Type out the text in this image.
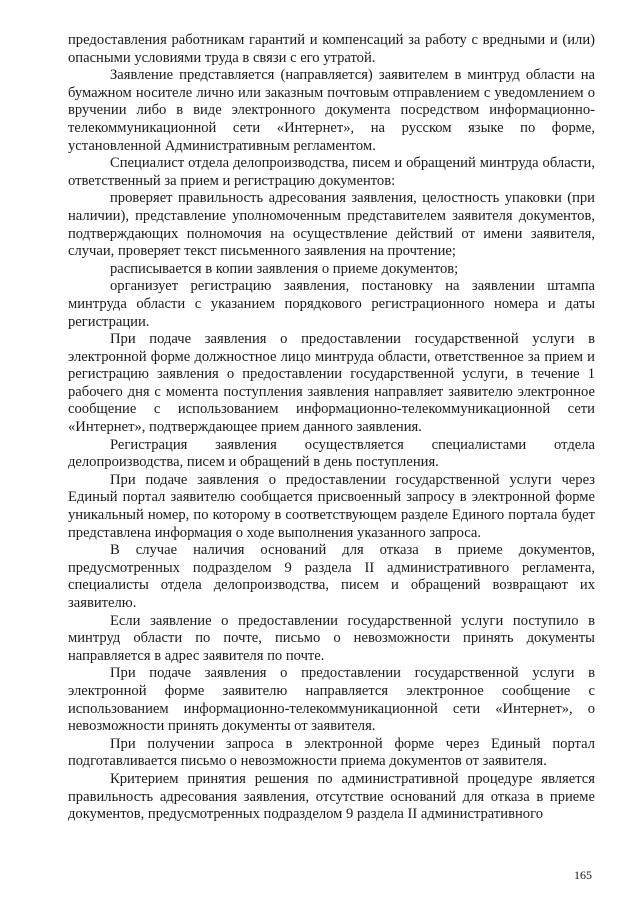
предоставления работникам гарантий и компенсаций за работу с вредными и (или) опасными условиями труда в связи с его утратой.

Заявление представляется (направляется) заявителем в минтруд области на бумажном носителе лично или заказным почтовым отправлением с уведомлением о вручении либо в виде электронного документа посредством информационно-телекоммуникационной сети «Интернет», на русском языке по форме, установленной Административным регламентом.

Специалист отдела делопроизводства, писем и обращений минтруда области, ответственный за прием и регистрацию документов:

проверяет правильность адресования заявления, целостность упаковки (при наличии), представление уполномоченным представителем заявителя документов, подтверждающих полномочия на осуществление действий от имени заявителя, случаи, проверяет текст письменного заявления на прочтение;

расписывается в копии заявления о приеме документов;

организует регистрацию заявления, постановку на заявлении штампа минтруда области с указанием порядкового регистрационного номера и даты регистрации.

При подаче заявления о предоставлении государственной услуги в электронной форме должностное лицо минтруда области, ответственное за прием и регистрацию заявления о предоставлении государственной услуги, в течение 1 рабочего дня с момента поступления заявления направляет заявителю электронное сообщение с использованием информационно-телекоммуникационной сети «Интернет», подтверждающее прием данного заявления.

Регистрация заявления осуществляется специалистами отдела делопроизводства, писем и обращений в день поступления.

При подаче заявления о предоставлении государственной услуги через Единый портал заявителю сообщается присвоенный запросу в электронной форме уникальный номер, по которому в соответствующем разделе Единого портала будет представлена информация о ходе выполнения указанного запроса.

В случае наличия оснований для отказа в приеме документов, предусмотренных подразделом 9 раздела II административного регламента, специалисты отдела делопроизводства, писем и обращений возвращают их заявителю.

Если заявление о предоставлении государственной услуги поступило в минтруд области по почте, письмо о невозможности принять документы направляется в адрес заявителя по почте.

При подаче заявления о предоставлении государственной услуги в электронной форме заявителю направляется электронное сообщение с использованием информационно-телекоммуникационной сети «Интернет», о невозможности принять документы от заявителя.

При получении запроса в электронной форме через Единый портал подготавливается письмо о невозможности приема документов от заявителя.

Критерием принятия решения по административной процедуре является правильность адресования заявления, отсутствие оснований для отказа в приеме документов, предусмотренных подразделом 9 раздела II административного

165
